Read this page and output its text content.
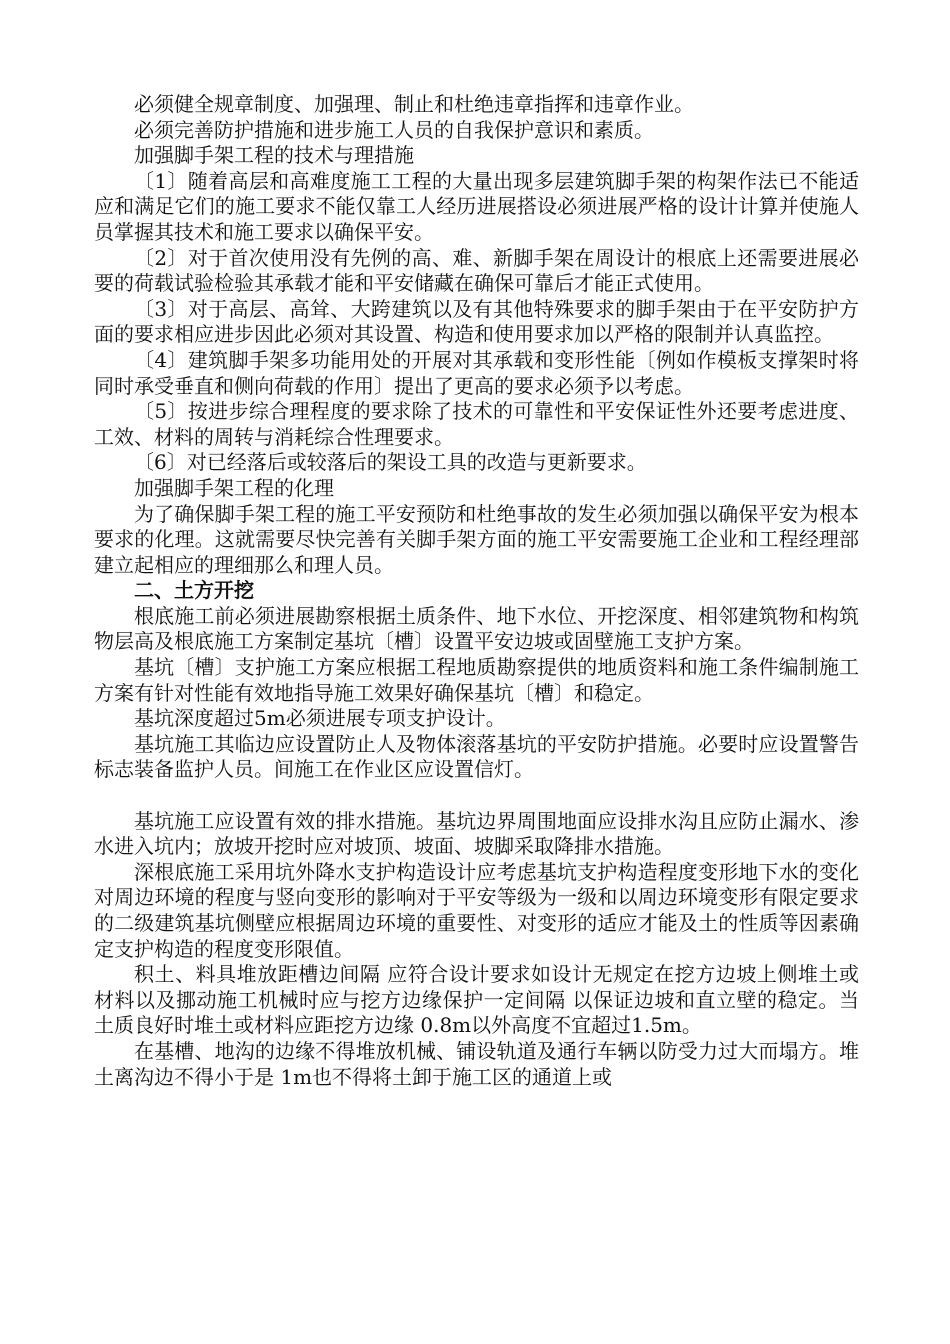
必须健全规章制度、加强理、制止和杜绝违章指挥和违章作业。

必须完善防护措施和进步施工人员的自我保护意识和素质。

加强脚手架工程的技术与理措施

〔1〕随着高层和高难度施工工程的大量出现多层建筑脚手架的构架作法已不能适应和满足它们的施工要求不能仅靠工人经历进展搭设必须进展严格的设计计算并使施人员掌握其技术和施工要求以确保平安。

〔2〕对于首次使用没有先例的高、难、新脚手架在周设计的根底上还需要进展必要的荷载试验检验其承载才能和平安储藏在确保可靠后才能正式使用。

〔3〕对于高层、高耸、大跨建筑以及有其他特殊要求的脚手架由于在平安防护方面的要求相应进步因此必须对其设置、构造和使用要求加以严格的限制并认真监控。

〔4〕建筑脚手架多功能用处的开展对其承载和变形性能〔例如作模板支撑架时将同时承受垂直和侧向荷载的作用〕提出了更高的要求必须予以考虑。

〔5〕按进步综合理程度的要求除了技术的可靠性和平安保证性外还要考虑进度、工效、材料的周转与消耗综合性理要求。

〔6〕对已经落后或较落后的架设工具的改造与更新要求。

加强脚手架工程的化理

为了确保脚手架工程的施工平安预防和杜绝事故的发生必须加强以确保平安为根本要求的化理。这就需要尽快完善有关脚手架方面的施工平安需要施工企业和工程经理部建立起相应的理细那么和理人员。

二、土方开挖

根底施工前必须进展勘察根据土质条件、地下水位、开挖深度、相邻建筑物和构筑物层高及根底施工方案制定基坑〔槽〕设置平安边坡或固壁施工支护方案。

基坑〔槽〕支护施工方案应根据工程地质勘察提供的地质资料和施工条件编制施工方案有针对性能有效地指导施工效果好确保基坑〔槽〕和稳定。

基坑深度超过5m必须进展专项支护设计。

基坑施工其临边应设置防止人及物体滚落基坑的平安防护措施。必要时应设置警告标志装备监护人员。间施工在作业区应设置信灯。

基坑施工应设置有效的排水措施。基坑边界周围地面应设排水沟且应防止漏水、渗水进入坑内；放坡开挖时应对坡顶、坡面、坡脚采取降排水措施。

深根底施工采用坑外降水支护构造设计应考虑基坑支护构造程度变形地下水的变化对周边环境的程度与竖向变形的影响对于平安等级为一级和以周边环境变形有限定要求的二级建筑基坑侧壁应根据周边环境的重要性、对变形的适应才能及土的性质等因素确定支护构造的程度变形限值。

积土、料具堆放距槽边间隔 应符合设计要求如设计无规定在挖方边坡上侧堆土或材料以及挪动施工机械时应与挖方边缘保护一定间隔 以保证边坡和直立壁的稳定。当土质良好时堆土或材料应距挖方边缘 0.8m以外高度不宜超过1.5m。

在基槽、地沟的边缘不得堆放机械、铺设轨道及通行车辆以防受力过大而塌方。堆土离沟边不得小于是 1m也不得将土卸于施工区的通道上或
